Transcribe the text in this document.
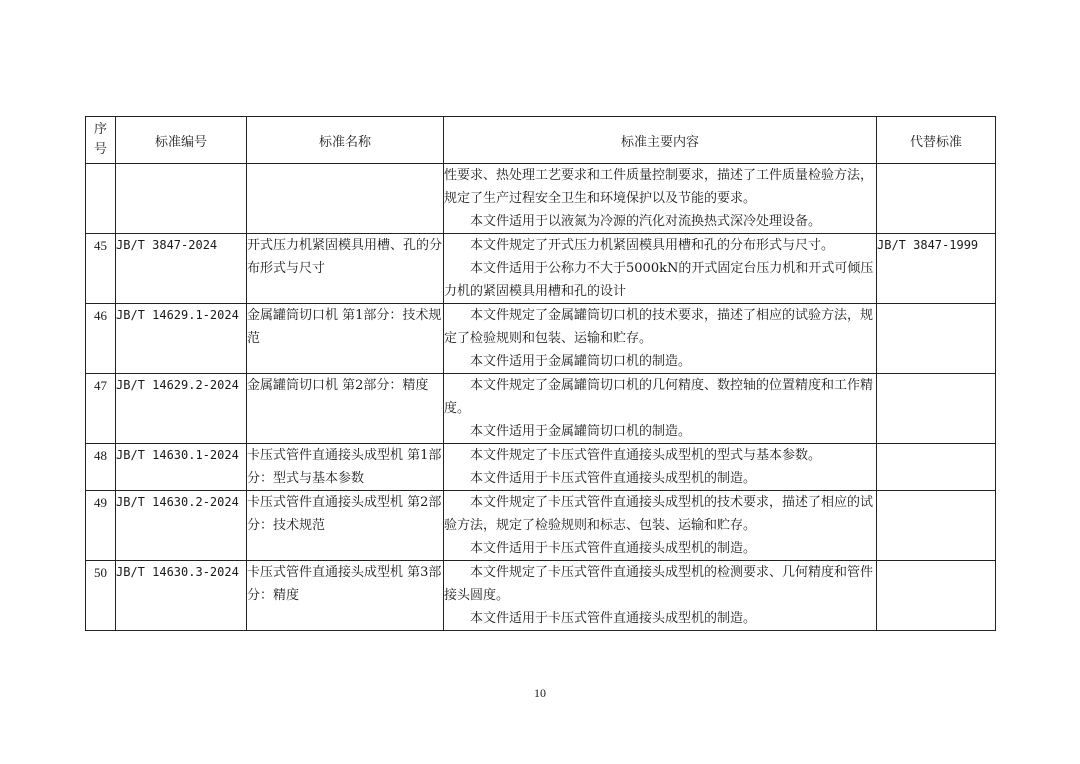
序
号	标准编号	标准名称	标准主要内容	代替标准

			性要求、热处理工艺要求和工件质量控制要求，描述了工件质量检验方法，规定了生产过程安全卫生和环境保护以及节能的要求。
本文件适用于以液氮为冷源的汽化对流换热式深冷处理设备。	

45	JB/T 3847-2024	开式压力机紧固模具用槽、孔的分布形式与尺寸	本文件规定了开式压力机紧固模具用槽和孔的分布形式与尺寸。
本文件适用于公称力不大于5000kN的开式固定台压力机和开式可倾压力机的紧固模具用槽和孔的设计	JB/T 3847-1999
46	JB/T 14629.1-2024	金属罐筒切口机 第1部分：技术规范	本文件规定了金属罐筒切口机的技术要求，描述了相应的试验方法，规定了检验规则和包装、运输和贮存。
本文件适用于金属罐筒切口机的制造。	

47	JB/T 14629.2-2024	金属罐筒切口机 第2部分：精度	本文件规定了金属罐筒切口机的几何精度、数控轴的位置精度和工作精度。
本文件适用于金属罐筒切口机的制造。	

48	JB/T 14630.1-2024	卡压式管件直通接头成型机 第1部分：型式与基本参数	本文件规定了卡压式管件直通接头成型机的型式与基本参数。
本文件适用于卡压式管件直通接头成型机的制造。	

49	JB/T 14630.2-2024	卡压式管件直通接头成型机 第2部分：技术规范	本文件规定了卡压式管件直通接头成型机的技术要求，描述了相应的试验方法，规定了检验规则和标志、包装、运输和贮存。
本文件适用于卡压式管件直通接头成型机的制造。	

50	JB/T 14630.3-2024	卡压式管件直通接头成型机 第3部分：精度	本文件规定了卡压式管件直通接头成型机的检测要求、几何精度和管件接头圆度。
本文件适用于卡压式管件直通接头成型机的制造。	

10
